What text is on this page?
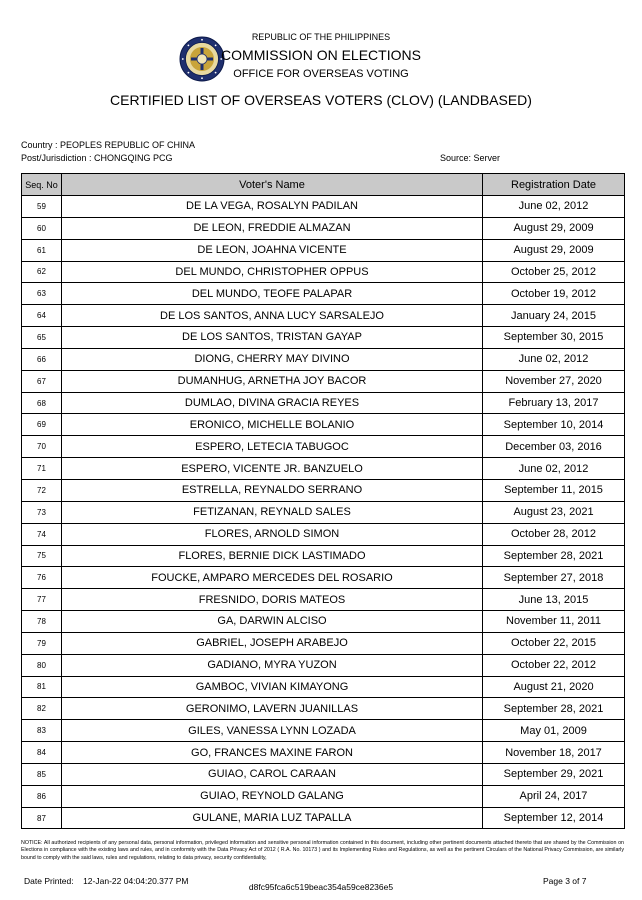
REPUBLIC OF THE PHILIPPINES
COMMISSION ON ELECTIONS
OFFICE FOR OVERSEAS VOTING
CERTIFIED LIST OF OVERSEAS VOTERS (CLOV) (LANDBASED)
Country : PEOPLES REPUBLIC OF CHINA
Post/Jurisdiction : CHONGQING PCG	Source: Server
Seq. No	Voter's Name	Registration Date
59	DE LA VEGA, ROSALYN PADILAN	June 02, 2012
60	DE LEON, FREDDIE ALMAZAN	August 29, 2009
61	DE LEON, JOAHNA VICENTE	August 29, 2009
62	DEL MUNDO, CHRISTOPHER OPPUS	October 25, 2012
63	DEL MUNDO, TEOFE PALAPAR	October 19, 2012
64	DE LOS SANTOS, ANNA LUCY SARSALEJO	January 24, 2015
65	DE LOS SANTOS, TRISTAN GAYAP	September 30, 2015
66	DIONG, CHERRY MAY DIVINO	June 02, 2012
67	DUMANHUG, ARNETHA JOY BACOR	November 27, 2020
68	DUMLAO, DIVINA GRACIA REYES	February 13, 2017
69	ERONICO, MICHELLE BOLANIO	September 10, 2014
70	ESPERO, LETECIA TABUGOC	December 03, 2016
71	ESPERO, VICENTE JR. BANZUELO	June 02, 2012
72	ESTRELLA, REYNALDO SERRANO	September 11, 2015
73	FETIZANAN, REYNALD SALES	August 23, 2021
74	FLORES, ARNOLD SIMON	October 28, 2012
75	FLORES, BERNIE DICK LASTIMADO	September 28, 2021
76	FOUCKE, AMPARO MERCEDES DEL ROSARIO	September 27, 2018
77	FRESNIDO, DORIS MATEOS	June 13, 2015
78	GA, DARWIN ALCISO	November 11, 2011
79	GABRIEL, JOSEPH ARABEJO	October 22, 2015
80	GADIANO, MYRA YUZON	October 22, 2012
81	GAMBOC, VIVIAN KIMAYONG	August 21, 2020
82	GERONIMO, LAVERN JUANILLAS	September 28, 2021
83	GILES, VANESSA LYNN LOZADA	May 01, 2009
84	GO, FRANCES MAXINE FARON	November 18, 2017
85	GUIAO, CAROL CARAAN	September 29, 2021
86	GUIAO, REYNOLD GALANG	April 24, 2017
87	GULANE, MARIA LUZ TAPALLA	September 12, 2014
NOTICE: All authorized recipients of any personal data, personal information, privileged information and sensitive personal information contained in this document, including other pertinent documents attached thereto that are shared by the Commission on Elections in compliance with the existing laws and rules, and in conformity with the Data Privacy Act of 2012 ( R.A. No. 10173 ) and its Implementing Rules and Regulations, as well as the pertinent Circulars of the National Privacy Commission, are similarly bound to comply with the said laws, rules and regulations, relating to data privacy, security confidentiality,
Date Printed: 12-Jan-22 04:04:20.377 PM
d8fc95fca6c519beac354a59ce8236e5
Page 3 of 7
